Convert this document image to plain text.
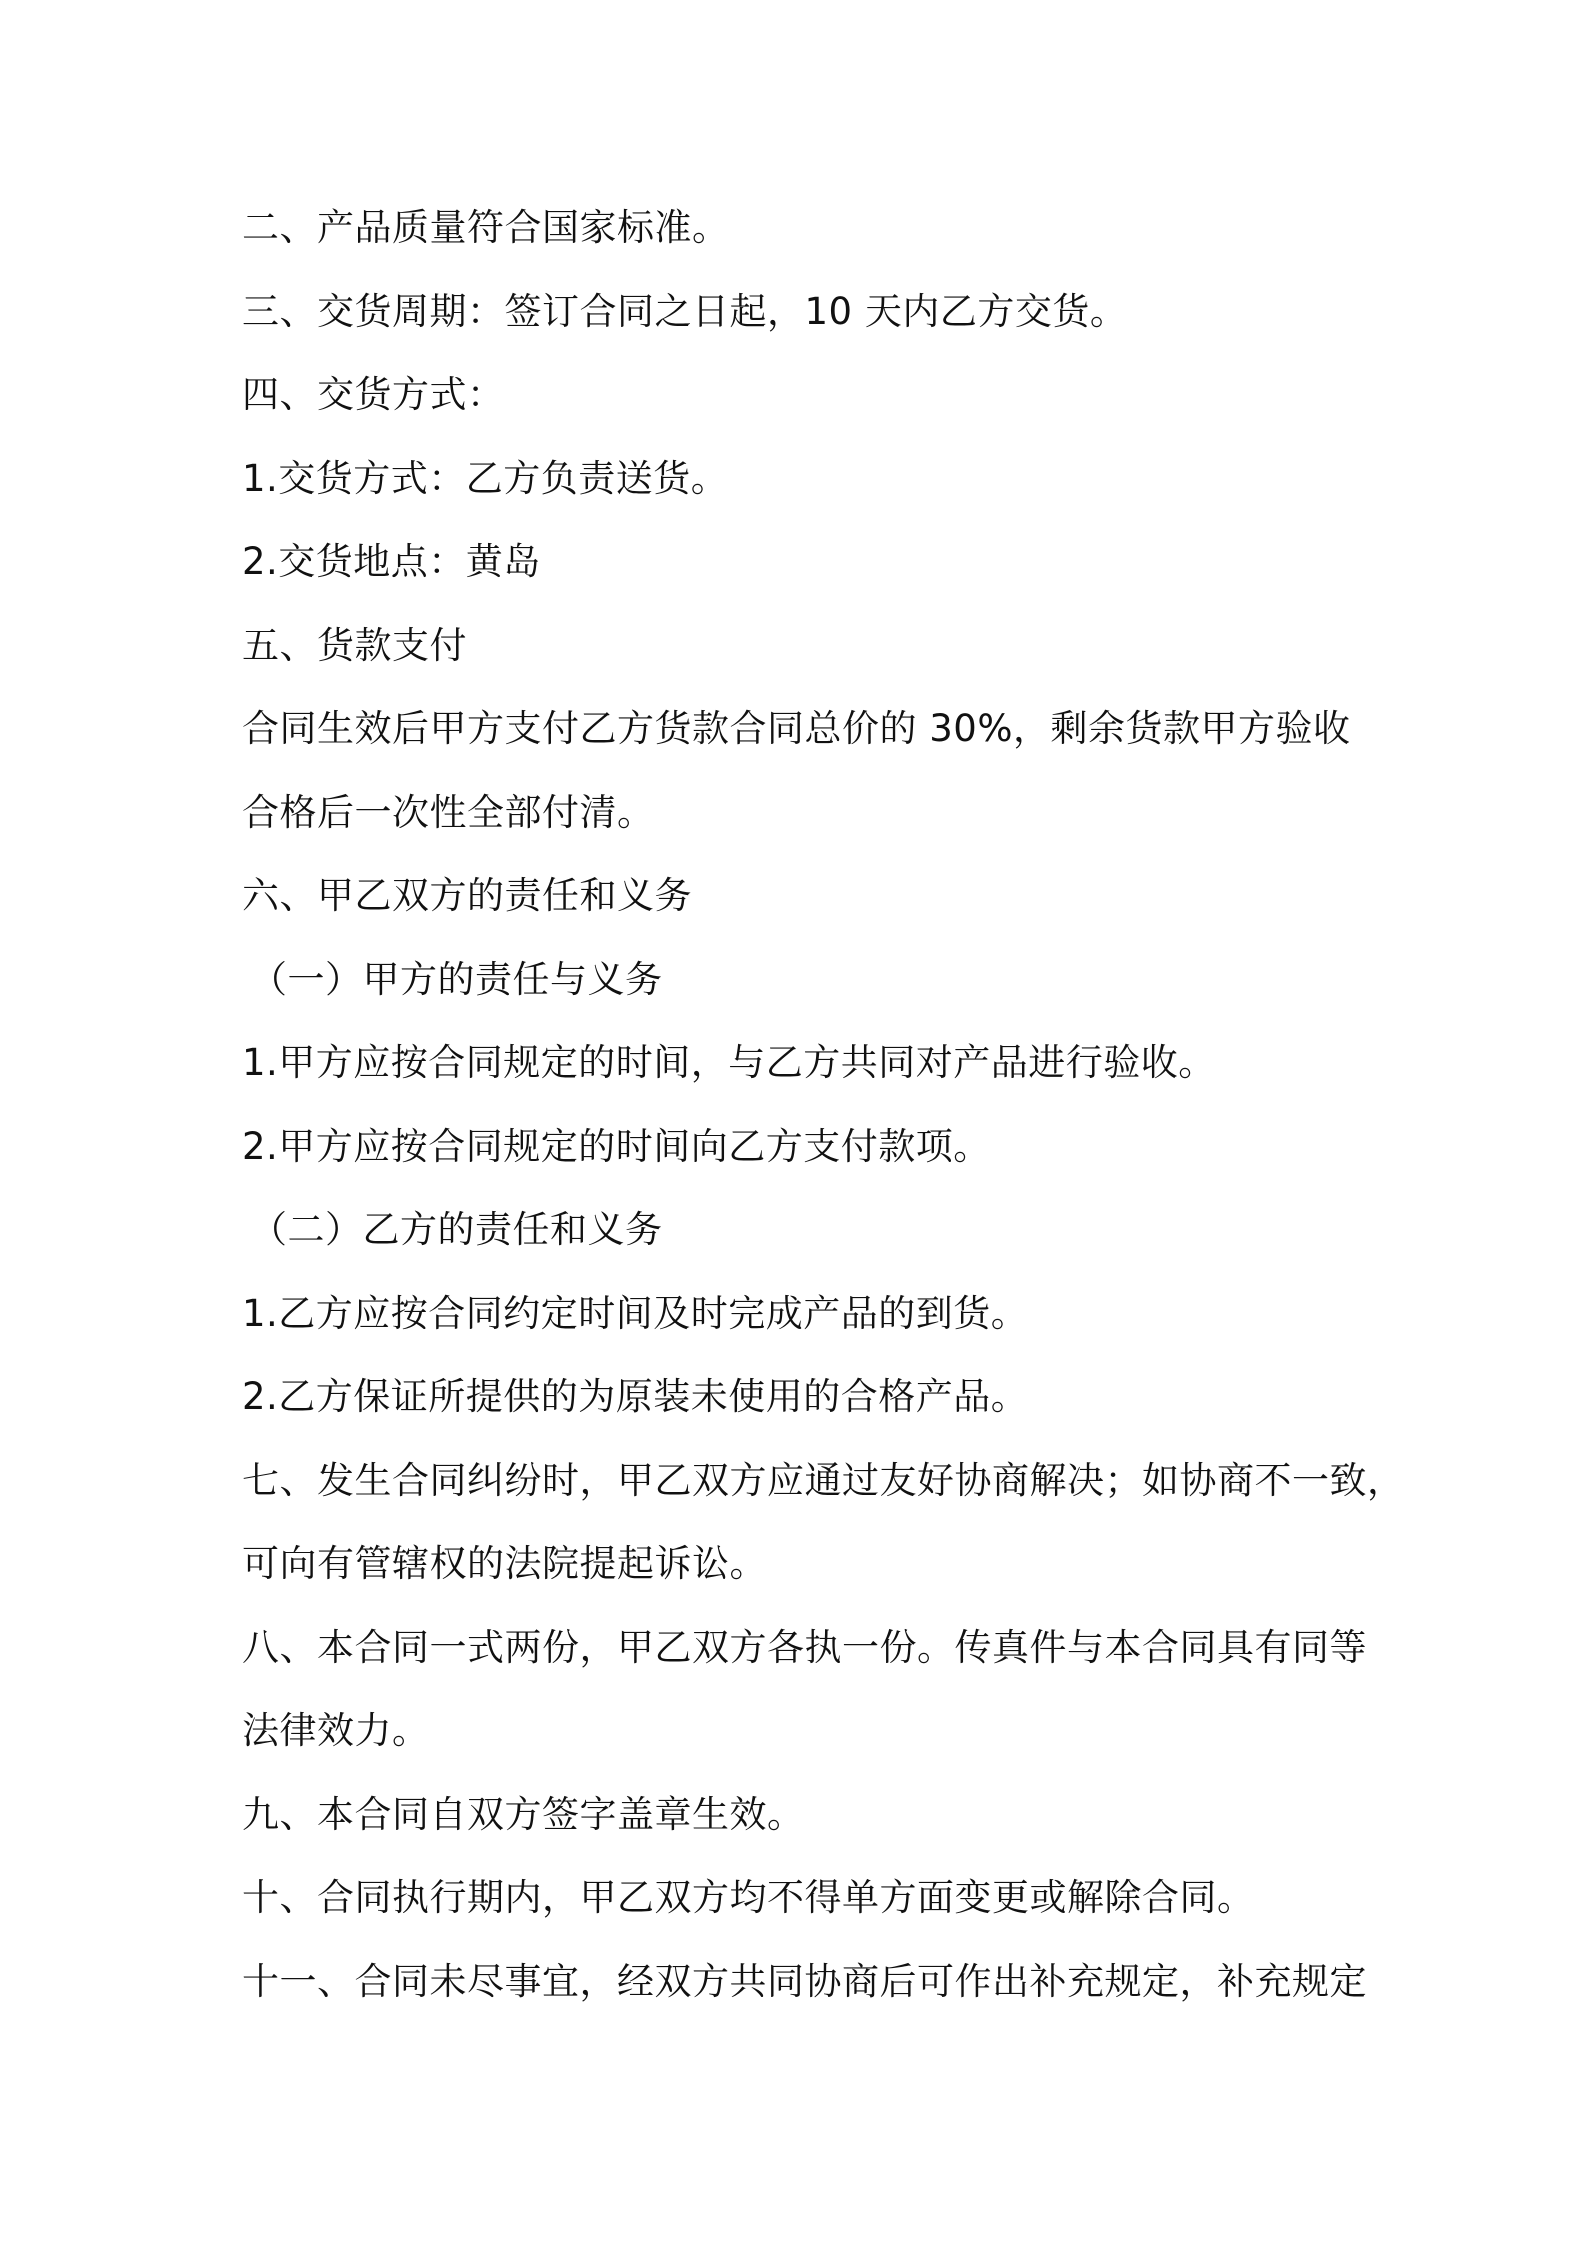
二、产品质量符合国家标准。
三、交货周期：签订合同之日起，10 天内乙方交货。
四、交货方式：
1.交货方式：乙方负责送货。
2.交货地点：黄岛
五、货款支付
合同生效后甲方支付乙方货款合同总价的 30%，剩余货款甲方验收
合格后一次性全部付清。
六、甲乙双方的责任和义务
（一）甲方的责任与义务
1.甲方应按合同规定的时间，与乙方共同对产品进行验收。
2.甲方应按合同规定的时间向乙方支付款项。
（二）乙方的责任和义务
1.乙方应按合同约定时间及时完成产品的到货。
2.乙方保证所提供的为原装未使用的合格产品。
七、发生合同纠纷时，甲乙双方应通过友好协商解决；如协商不一致，
可向有管辖权的法院提起诉讼。
八、本合同一式两份，甲乙双方各执一份。传真件与本合同具有同等
法律效力。
九、本合同自双方签字盖章生效。
十、合同执行期内，甲乙双方均不得单方面变更或解除合同。
十一、合同未尽事宜，经双方共同协商后可作出补充规定，补充规定
